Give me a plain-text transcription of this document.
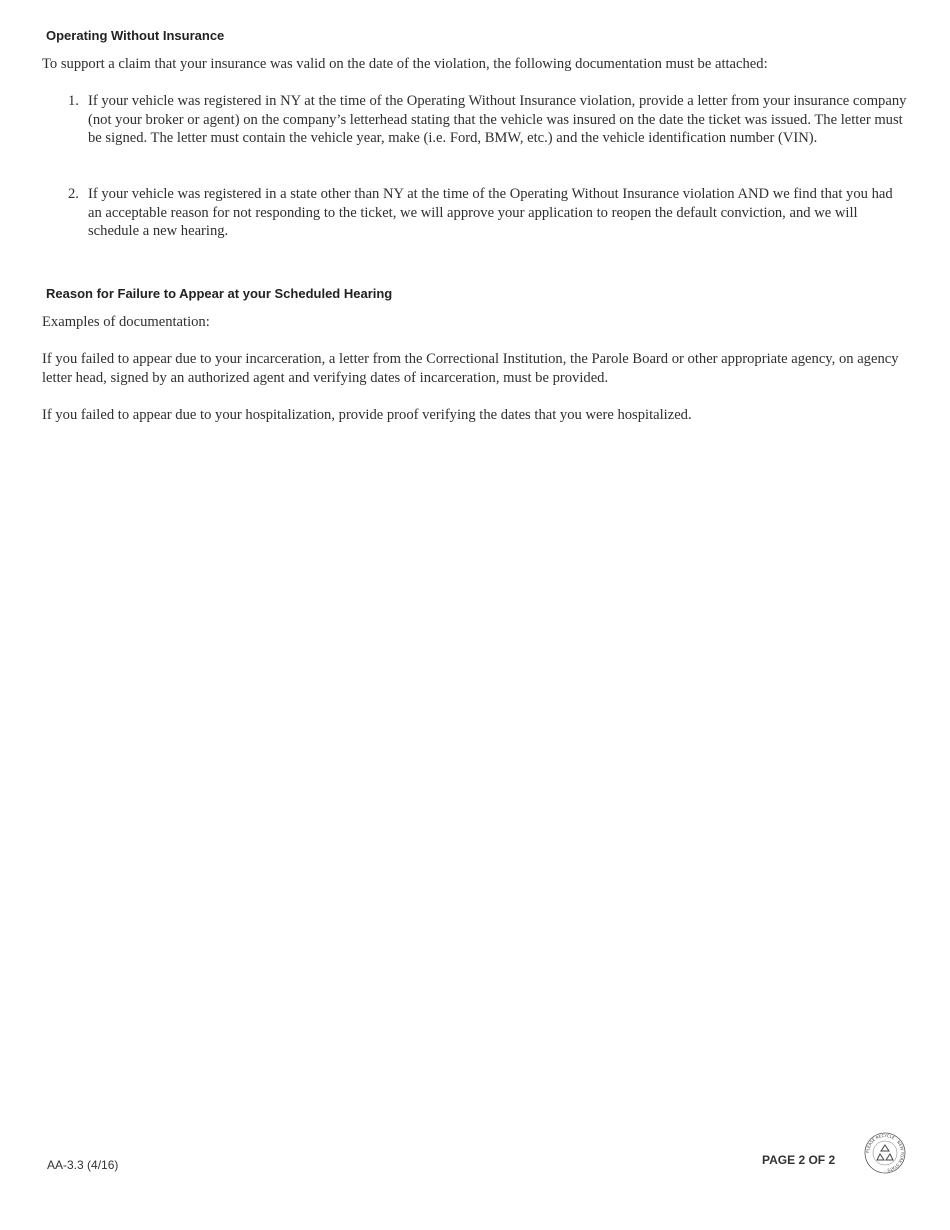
Operating Without Insurance

To support a claim that your insurance was valid on the date of the violation, the following documentation must be attached:

1. If your vehicle was registered in NY at the time of the Operating Without Insurance violation, provide a letter from your insurance company (not your broker or agent) on the company’s letterhead stating that the vehicle was insured on the date the ticket was issued. The letter must be signed. The letter must contain the vehicle year, make (i.e. Ford, BMW, etc.) and the vehicle identification number (VIN).
2. If your vehicle was registered in a state other than NY at the time of the Operating Without Insurance violation AND we find that you had an acceptable reason for not responding to the ticket, we will approve your application to reopen the default conviction, and we will schedule a new hearing.
Reason for Failure to Appear at your Scheduled Hearing

Examples of documentation:

If you failed to appear due to your incarceration, a letter from the Correctional Institution, the Parole Board or other appropriate agency, on agency letter head, signed by an authorized agent and verifying dates of incarceration, must be provided.

If you failed to appear due to your hospitalization, provide proof verifying the dates that you were hospitalized.

AA-3.3 (4/16)	PAGE 2 OF 2
PLEASE RECYCLE · NEW YORK STATE ·
